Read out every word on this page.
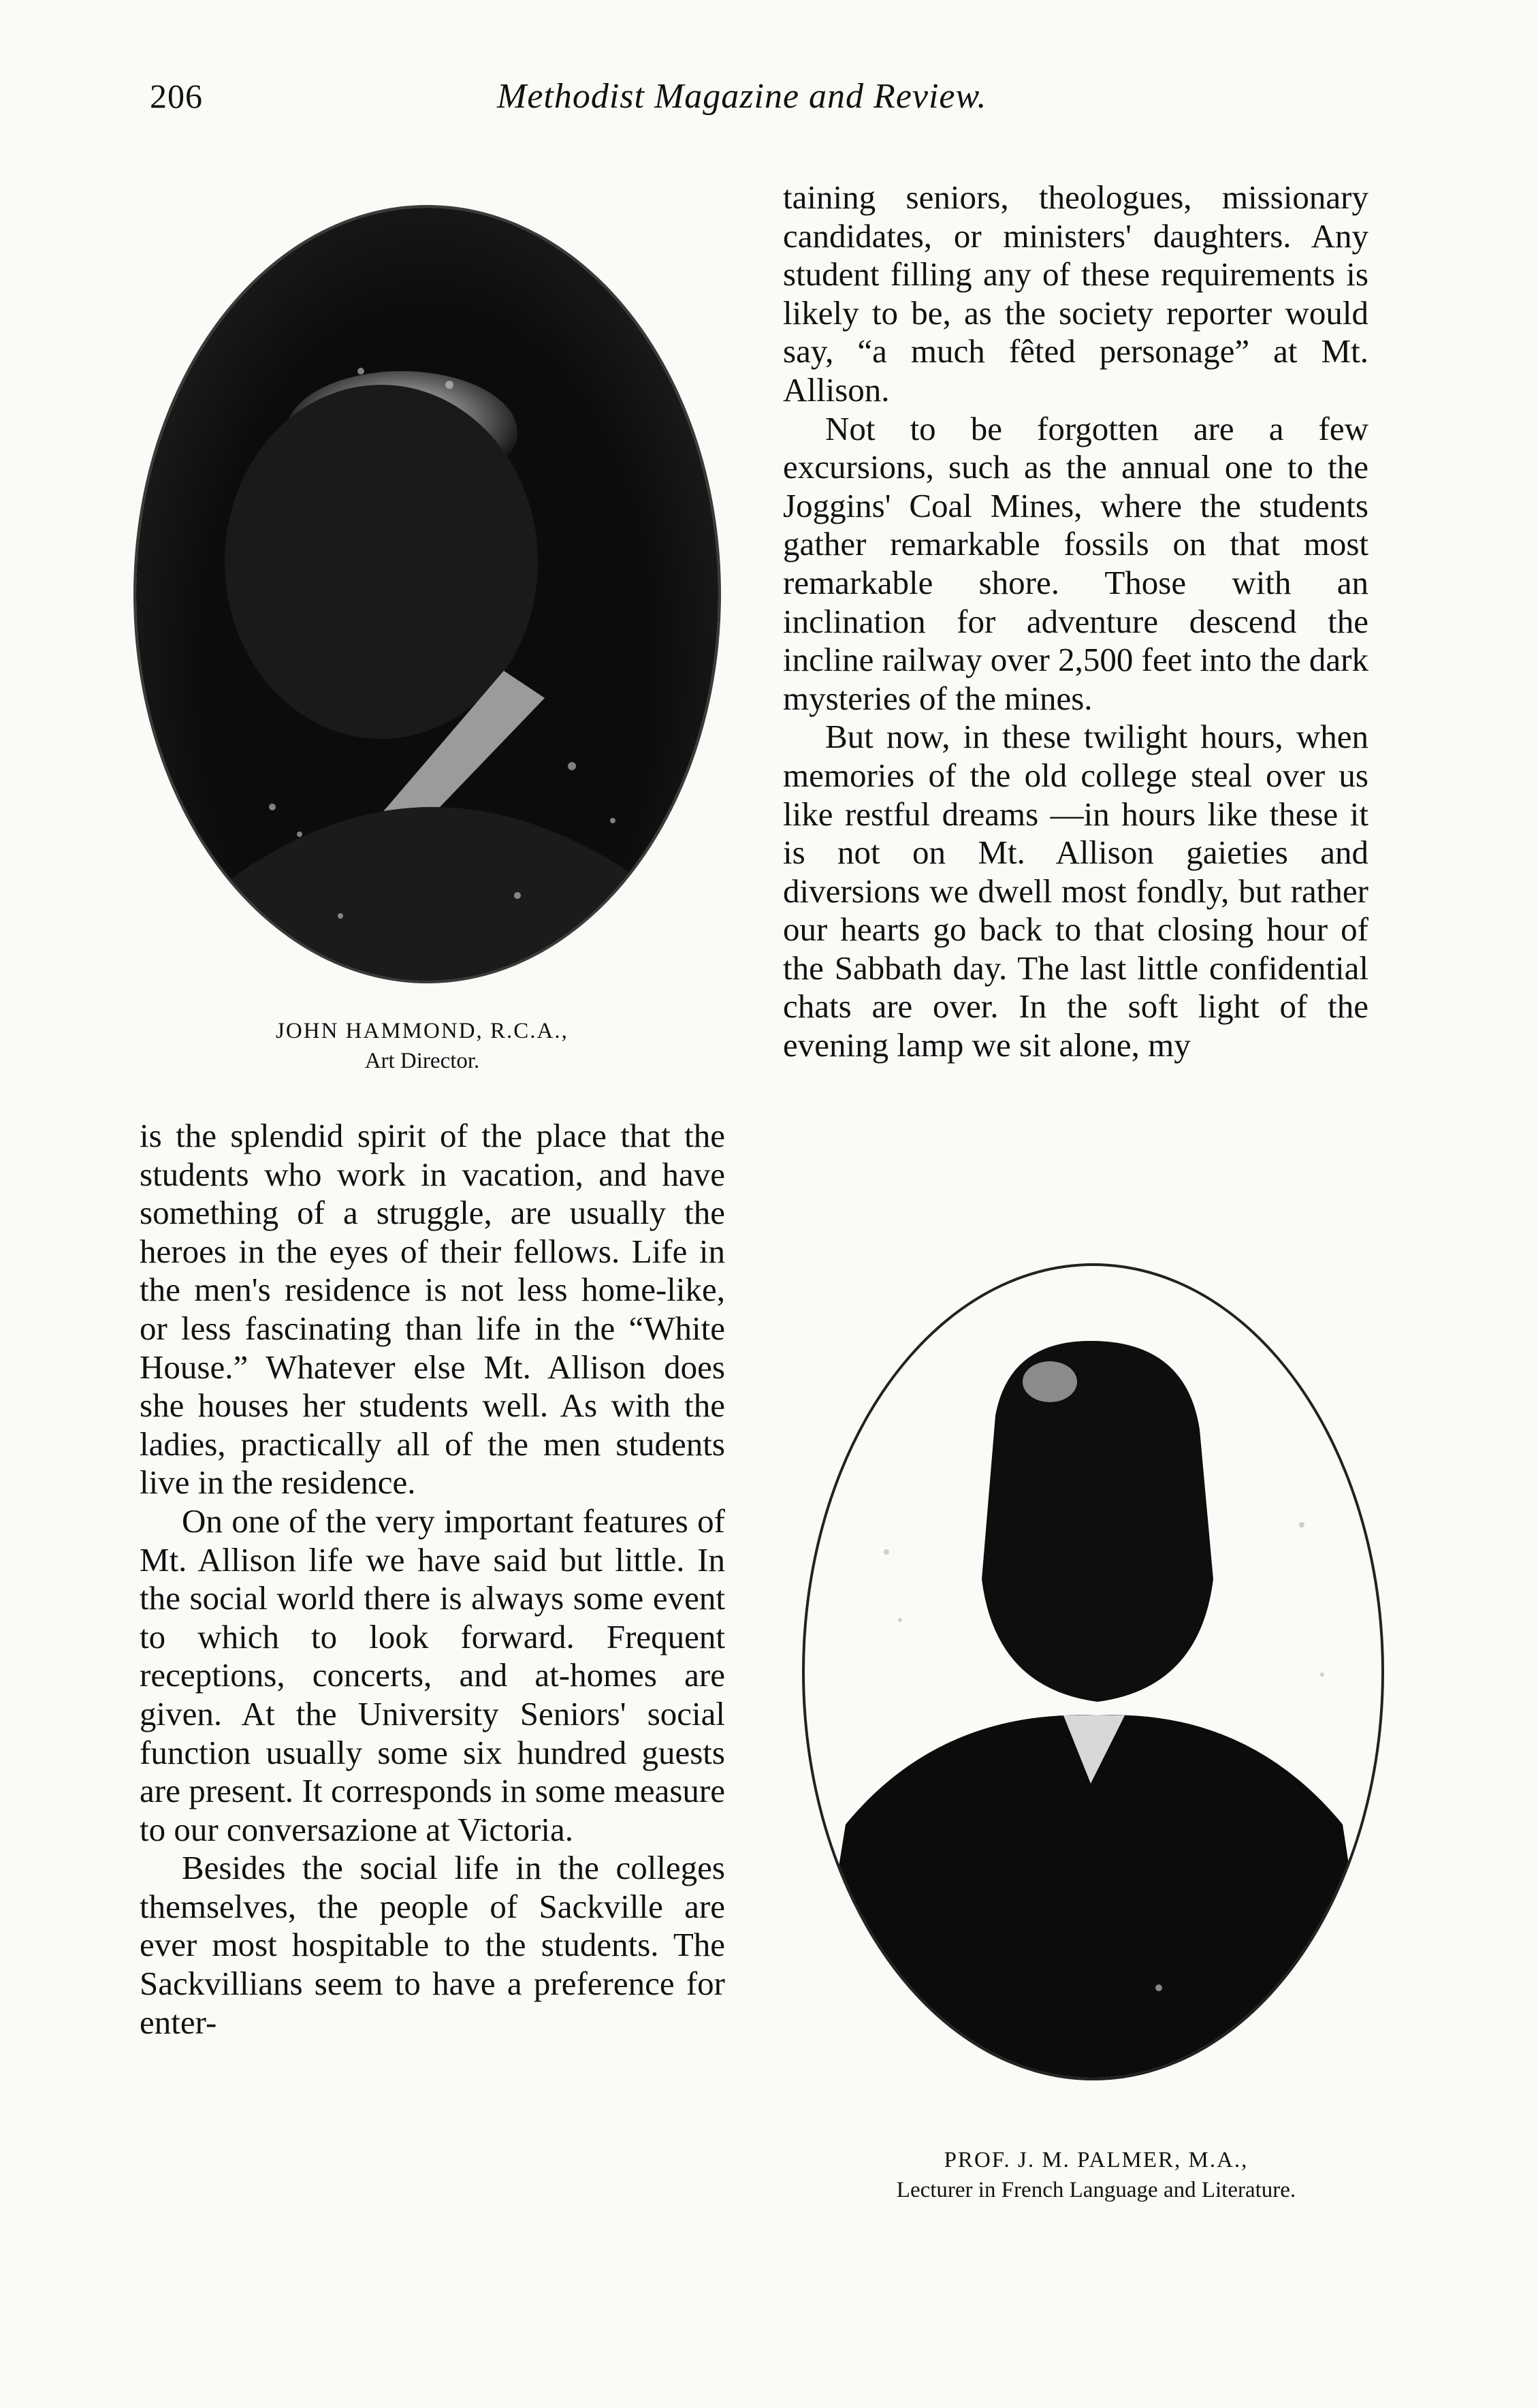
206	Methodist Magazine and Review.
JOHN HAMMOND, R.C.A.,
Art Director.

is the splendid spirit of the place that the students who work in vacation, and have something of a struggle, are usually the heroes in the eyes of their fellows. Life in the men's residence is not less home-like, or less fascinating than life in the “White House.” Whatever else Mt. Allison does she houses her students well. As with the ladies, practically all of the men students live in the residence.

On one of the very important features of Mt. Allison life we have said but little. In the social world there is always some event to which to look forward. Frequent receptions, concerts, and at-homes are given. At the University Seniors' social function usually some six hundred guests are present. It corresponds in some measure to our conversazione at Victoria.

Besides the social life in the colleges themselves, the people of Sackville are ever most hospitable to the students. The Sackvillians seem to have a preference for enter-

taining seniors, theologues, missionary candidates, or ministers' daughters. Any student filling any of these requirements is likely to be, as the society reporter would say, “a much fêted personage” at Mt. Allison.

Not to be forgotten are a few excursions, such as the annual one to the Joggins' Coal Mines, where the students gather remarkable fossils on that most remarkable shore. Those with an inclination for adventure descend the incline railway over 2,500 feet into the dark mysteries of the mines.

But now, in these twilight hours, when memories of the old college steal over us like restful dreams —in hours like these it is not on Mt. Allison gaieties and diversions we dwell most fondly, but rather our hearts go back to that closing hour of the Sabbath day. The last little confidential chats are over. In the soft light of the evening lamp we sit alone, my

PROF. J. M. PALMER, M.A.,
Lecturer in French Language and Literature.
